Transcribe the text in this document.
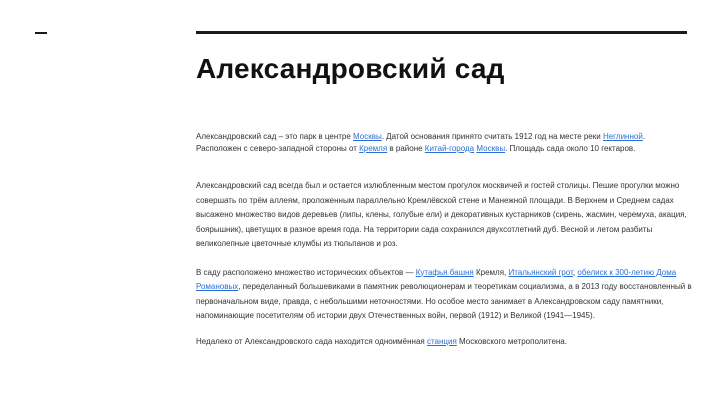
Александровский сад

Александровский сад – это парк в центре Москвы. Датой основания принято считать 1912 год на месте реки Неглинной. Расположен с северо-западной стороны от Кремля в районе Китай-города Москвы. Площадь сада около 10 гектаров.

Александровский сад всегда был и остается излюбленным местом прогулок москвичей и гостей столицы. Пешие прогулки можно совершать по трём аллеям, проложенным параллельно Кремлёвской стене и Манежной площади. В Верхнем и Среднем садах высажено множество видов деревьев (липы, клены, голубые ели) и декоративных кустарников (сирень, жасмин, черемуха, акация, боярышник), цветущих в разное время года. На территории сада сохранился двухсотлетний дуб. Весной и летом разбиты великолепные цветочные клумбы из тюльпанов и роз.

В саду расположено множество исторических объектов — Кутафья башня Кремля, Итальянский грот, обелиск к 300-летию Дома Романовых, переделанный большевиками в памятник революционерам и теоретикам социализма, а в 2013 году восстановленный в первоначальном виде, правда, с небольшими неточностями. Но особое место занимает в Александровском саду памятники, напоминающие посетителям об истории двух Отечественных войн, первой (1912) и Великой (1941—1945).

Недалеко от Александровского сада находится одноимённая станция Московского метрополитена.
